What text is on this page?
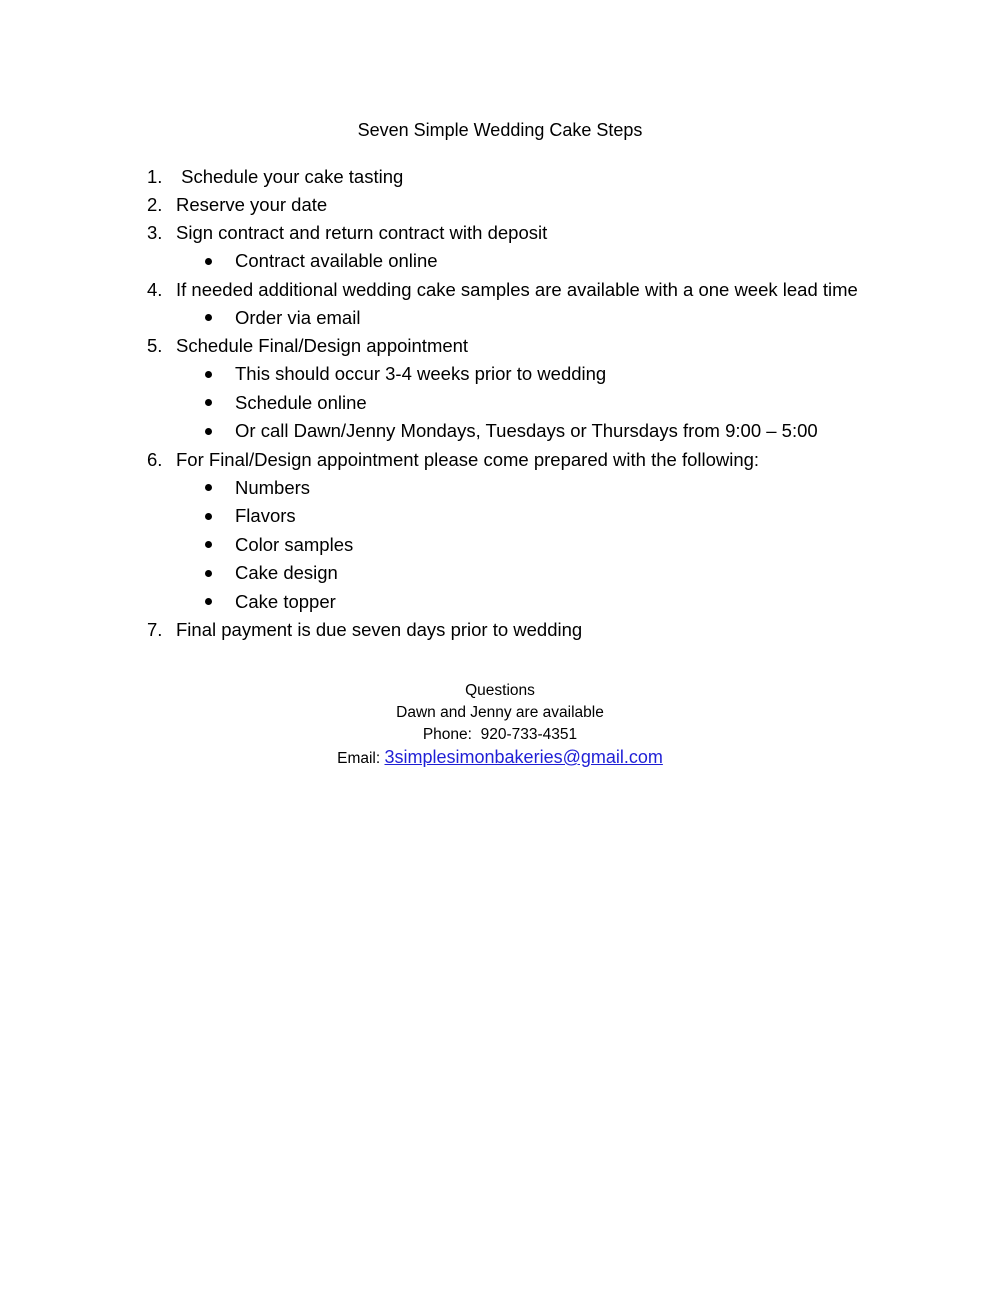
Seven Simple Wedding Cake Steps
1. Schedule your cake tasting
2. Reserve your date
3. Sign contract and return contract with deposit
Contract available online
4. If needed additional wedding cake samples are available with a one week lead time
Order via email
5. Schedule Final/Design appointment
This should occur 3-4 weeks prior to wedding
Schedule online
Or call Dawn/Jenny Mondays, Tuesdays or Thursdays from 9:00 – 5:00
6. For Final/Design appointment please come prepared with the following:
Numbers
Flavors
Color samples
Cake design
Cake topper
7. Final payment is due seven days prior to wedding
Questions
Dawn and Jenny are available
Phone: 920-733-4351
Email: 3simplesimonbakeries@gmail.com
